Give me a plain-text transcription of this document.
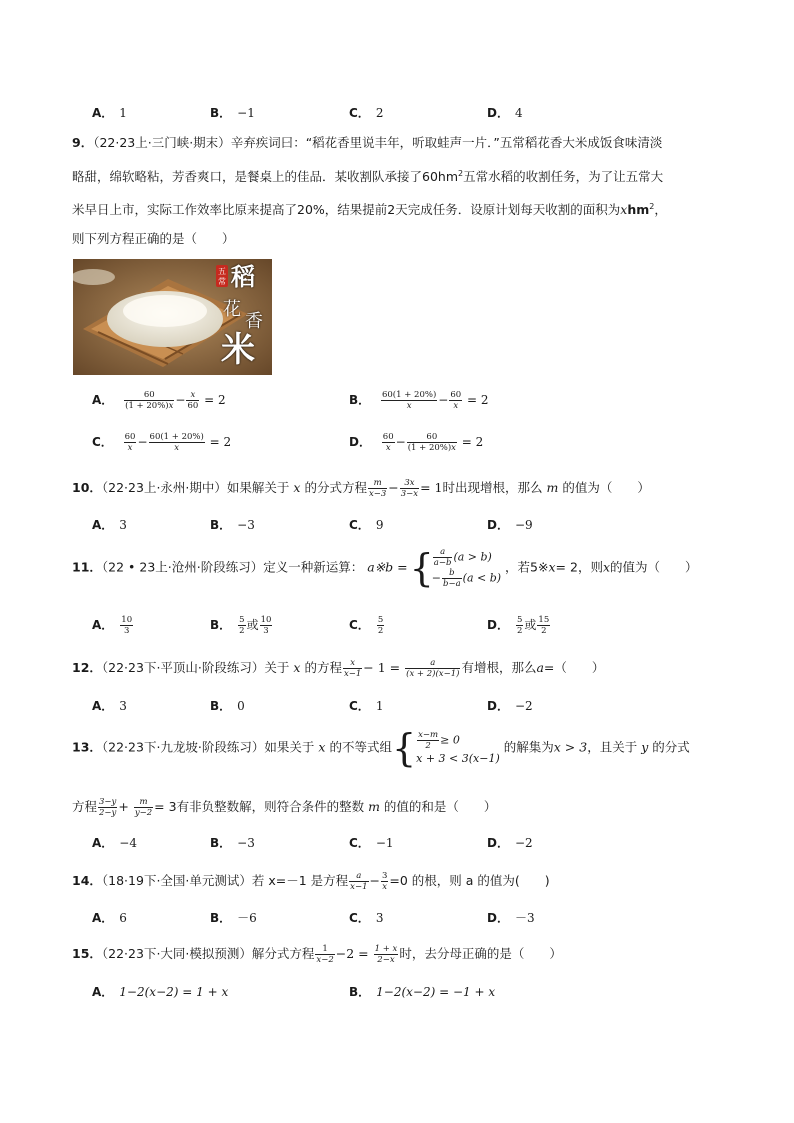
A． 1	B． −1	C． 2	D． 4
9．（22·23上·三门峡·期末）辛弃疾词曰：“稻花香里说丰年，听取蛙声一片．”五常稻花香大米成饭食味清淡
略甜，绵软略粘，芳香爽口，是餐桌上的佳品．某收割队承接了$60hm^2$五常水稻的收割任务，为了让五常大
米早日上市，实际工作效率比原来提高了20%，结果提前2天完成任务．设原计划每天收割的面积为xhm$^2$，
则下列方程正确的是（　　）
五
常 稻
花
香
米
A． $\frac{60}{(1 + 20\%)x} - \frac{x}{60} = 2$	B． $\frac{60(1 + 20\%)}{x} - \frac{60}{x} = 2$
C． $\frac{60}{x} - \frac{60(1 + 20\%)}{x} = 2$	D． $\frac{60}{x} - \frac{60}{(1 + 20\%)x} = 2$
10．（22·23上·永州·期中）如果解关于 x 的分式方程 $\frac{m}{x-3} - \frac{3x}{3-x} = 1$时出现增根，那么 m 的值为（　　）
A． 3	B． −3	C． 9	D． −9
11．（22 • 23上·沧州·阶段练习）定义一种新运算： a※b = { $\frac{a}{a-b} (a > b)$
− $\frac{b}{b-a} (a < b)$
，若5※x= 2，则x的值为（　　）
A． $\frac{10}{3}$	B． $\frac{5}{2}$ 或 $\frac{10}{3}$	C． $\frac{5}{2}$	D． $\frac{5}{2}$ 或 $\frac{15}{2}$
12．（22·23下·平顶山·阶段练习）关于 x 的方程 $\frac{x}{x-1} - 1 = \frac{a}{(x + 2)(x-1)}$ 有增根，那么a=（　　）
A． 3	B． 0	C． 1	D． −2
13．（22·23下·九龙坡·阶段练习）如果关于 x 的不等式组{ $\frac{x-m}{2} \ge 0$
x + 3 < 3(x−1)
的解集为x > 3，且关于 y 的分式
方程 $\frac{3-y}{2-y} + \frac{m}{y-2} = 3$有非负整数解，则符合条件的整数 m 的值的和是（　　）
A． −4	B． −3	C． −1	D． −2
14．（18·19下·全国·单元测试）若 x=－1 是方程 $\frac{a}{x-1} - \frac{3}{x} =0$ 的根，则 a 的值为(　　)
A． 6	B． －6	C． 3	D． －3
15．（22·23下·大同·模拟预测）解分式方程 $\frac{1}{x-2} -2 = \frac{1 + x}{2-x}$ 时，去分母正确的是（　　）
A． 1−2(x−2) = 1 + x	B． 1−2(x−2) = −1 + x
